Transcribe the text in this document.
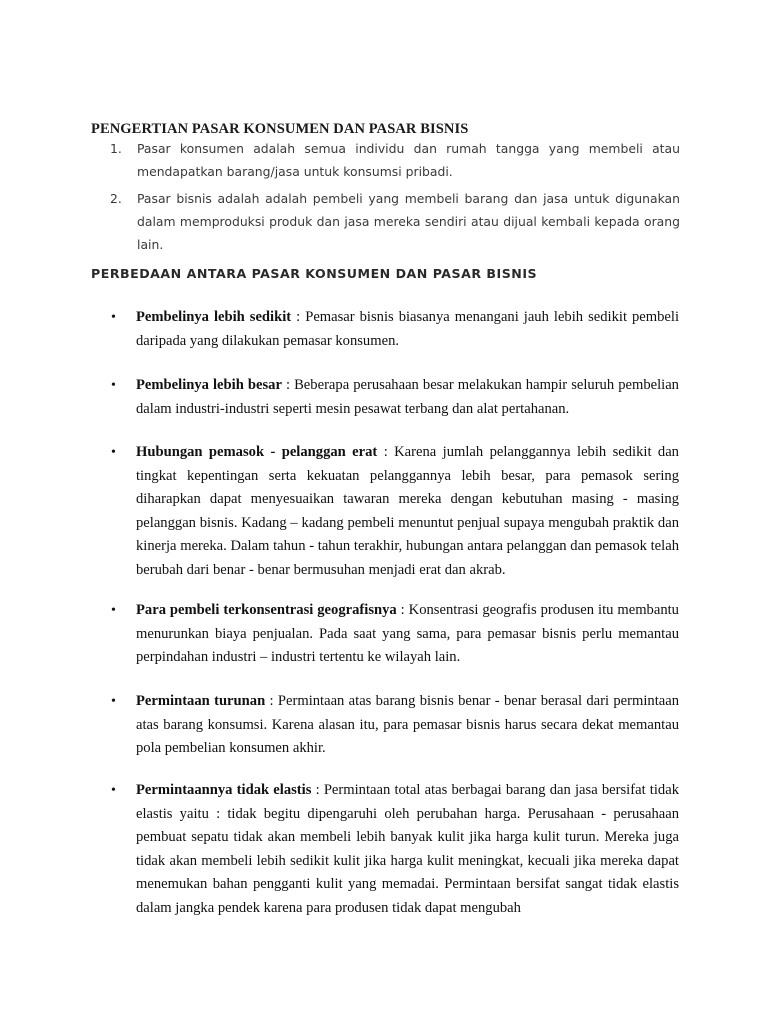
PENGERTIAN PASAR KONSUMEN DAN PASAR BISNIS
1. Pasar konsumen adalah semua individu dan rumah tangga yang membeli atau mendapatkan barang/jasa untuk konsumsi pribadi.
2. Pasar bisnis adalah adalah pembeli yang membeli barang dan jasa untuk digunakan dalam memproduksi produk dan jasa mereka sendiri atau dijual kembali kepada orang lain.
PERBEDAAN ANTARA PASAR KONSUMEN DAN PASAR BISNIS
•	Pembelinya lebih sedikit : Pemasar bisnis biasanya menangani jauh lebih sedikit pembeli daripada yang dilakukan pemasar konsumen.
•	Pembelinya lebih besar : Beberapa perusahaan besar melakukan hampir seluruh pembelian dalam industri-industri seperti mesin pesawat terbang dan alat pertahanan.
•	Hubungan pemasok - pelanggan erat : Karena jumlah pelanggannya lebih sedikit dan tingkat kepentingan serta kekuatan pelanggannya lebih besar, para pemasok sering diharapkan dapat menyesuaikan tawaran mereka dengan kebutuhan masing - masing pelanggan bisnis. Kadang – kadang pembeli menuntut penjual supaya mengubah praktik dan kinerja mereka. Dalam tahun - tahun terakhir, hubungan antara pelanggan dan pemasok telah berubah dari benar - benar bermusuhan menjadi erat dan akrab.
•	Para pembeli terkonsentrasi geografisnya : Konsentrasi geografis produsen itu membantu menurunkan biaya penjualan. Pada saat yang sama, para pemasar bisnis perlu memantau perpindahan industri – industri tertentu ke wilayah lain.
•	Permintaan turunan : Permintaan atas barang bisnis benar - benar berasal dari permintaan atas barang konsumsi. Karena alasan itu, para pemasar bisnis harus secara dekat memantau pola pembelian konsumen akhir.
•	Permintaannya tidak elastis : Permintaan total atas berbagai barang dan jasa bersifat tidak elastis yaitu : tidak begitu dipengaruhi oleh perubahan harga. Perusahaan - perusahaan pembuat sepatu tidak akan membeli lebih banyak kulit jika harga kulit turun. Mereka juga tidak akan membeli lebih sedikit kulit jika harga kulit meningkat, kecuali jika mereka dapat menemukan bahan pengganti kulit yang memadai. Permintaan bersifat sangat tidak elastis dalam jangka pendek karena para produsen tidak dapat mengubah
